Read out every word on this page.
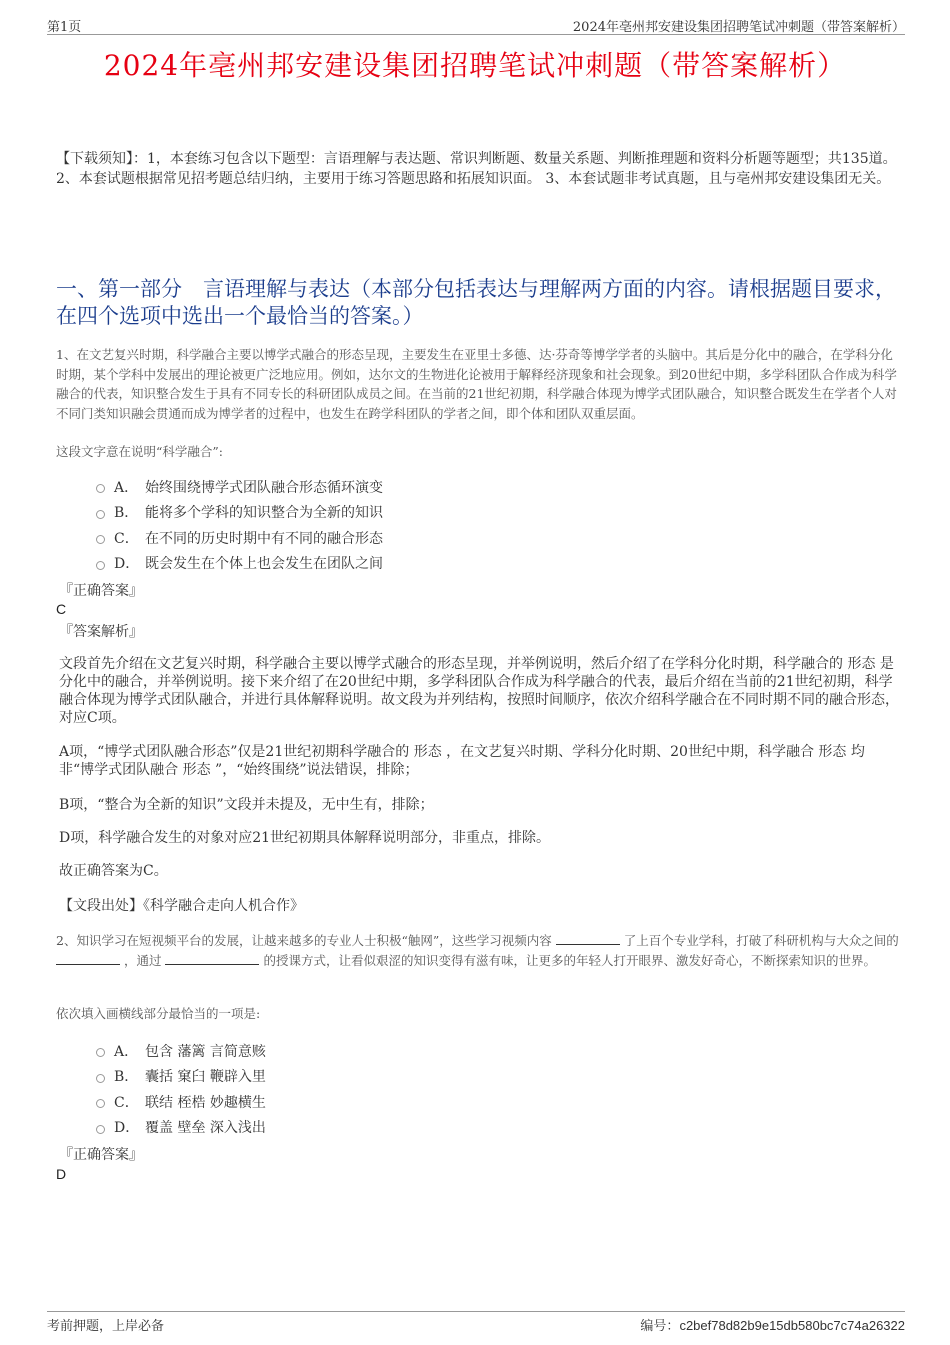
第1页	2024年亳州邦安建设集团招聘笔试冲刺题（带答案解析）
2024年亳州邦安建设集团招聘笔试冲刺题（带答案解析）
【下载须知】：1，本套练习包含以下题型：言语理解与表达题、常识判断题、数量关系题、判断推理题和资料分析题等题型；共135道。 2、本套试题根据常见招考题总结归纳，主要用于练习答题思路和拓展知识面。 3、本套试题非考试真题，且与亳州邦安建设集团无关。
一、第一部分　言语理解与表达（本部分包括表达与理解两方面的内容。请根据题目要求，在四个选项中选出一个最恰当的答案。）
1、在文艺复兴时期，科学融合主要以博学式融合的形态呈现，主要发生在亚里士多德、达·芬奇等博学学者的头脑中。其后是分化中的融合，在学科分化时期，某个学科中发展出的理论被更广泛地应用。例如，达尔文的生物进化论被用于解释经济现象和社会现象。到20世纪中期，多学科团队合作成为科学融合的代表，知识整合发生于具有不同专长的科研团队成员之间。在当前的21世纪初期，科学融合体现为博学式团队融合，知识整合既发生在学者个人对不同门类知识融会贯通而成为博学者的过程中，也发生在跨学科团队的学者之间，即个体和团队双重层面。
这段文字意在说明“科学融合”:
A． 始终围绕博学式团队融合形态循环演变
B． 能将多个学科的知识整合为全新的知识
C． 在不同的历史时期中有不同的融合形态
D． 既会发生在个体上也会发生在团队之间
『正确答案』
C
『答案解析』
文段首先介绍在文艺复兴时期，科学融合主要以博学式融合的形态呈现，并举例说明，然后介绍了在学科分化时期，科学融合的 形态 是分化中的融合，并举例说明。接下来介绍了在20世纪中期，多学科团队合作成为科学融合的代表，最后介绍在当前的21世纪初期，科学融合体现为博学式团队融合，并进行具体解释说明。故文段为并列结构，按照时间顺序，依次介绍科学融合在不同时期不同的融合形态，对应C项。
A项，“博学式团队融合形态”仅是21世纪初期科学融合的 形态 ，在文艺复兴时期、学科分化时期、20世纪中期，科学融合 形态 均非“博学式团队融合 形态 ”，“始终围绕”说法错误，排除；
B项，“整合为全新的知识”文段并未提及，无中生有，排除；
D项，科学融合发生的对象对应21世纪初期具体解释说明部分，非重点，排除。
故正确答案为C。
【文段出处】《科学融合走向人机合作》
2、知识学习在短视频平台的发展，让越来越多的专业人士积极“触网”，这些学习视频内容	了上百个专业学科，打破了科研机构与大众之间的  ，通过	的授课方式，让看似艰涩的知识变得有滋有味，让更多的年轻人打开眼界、激发好奇心，不断探索知识的世界。
依次填入画横线部分最恰当的一项是:
A． 包含 藩篱 言简意赅
B． 囊括 窠臼 鞭辟入里
C． 联结 桎梏 妙趣横生
D． 覆盖 壁垒 深入浅出
『正确答案』
D
考前押题，上岸必备	编号：c2bef78d82b9e15db580bc7c74a26322
